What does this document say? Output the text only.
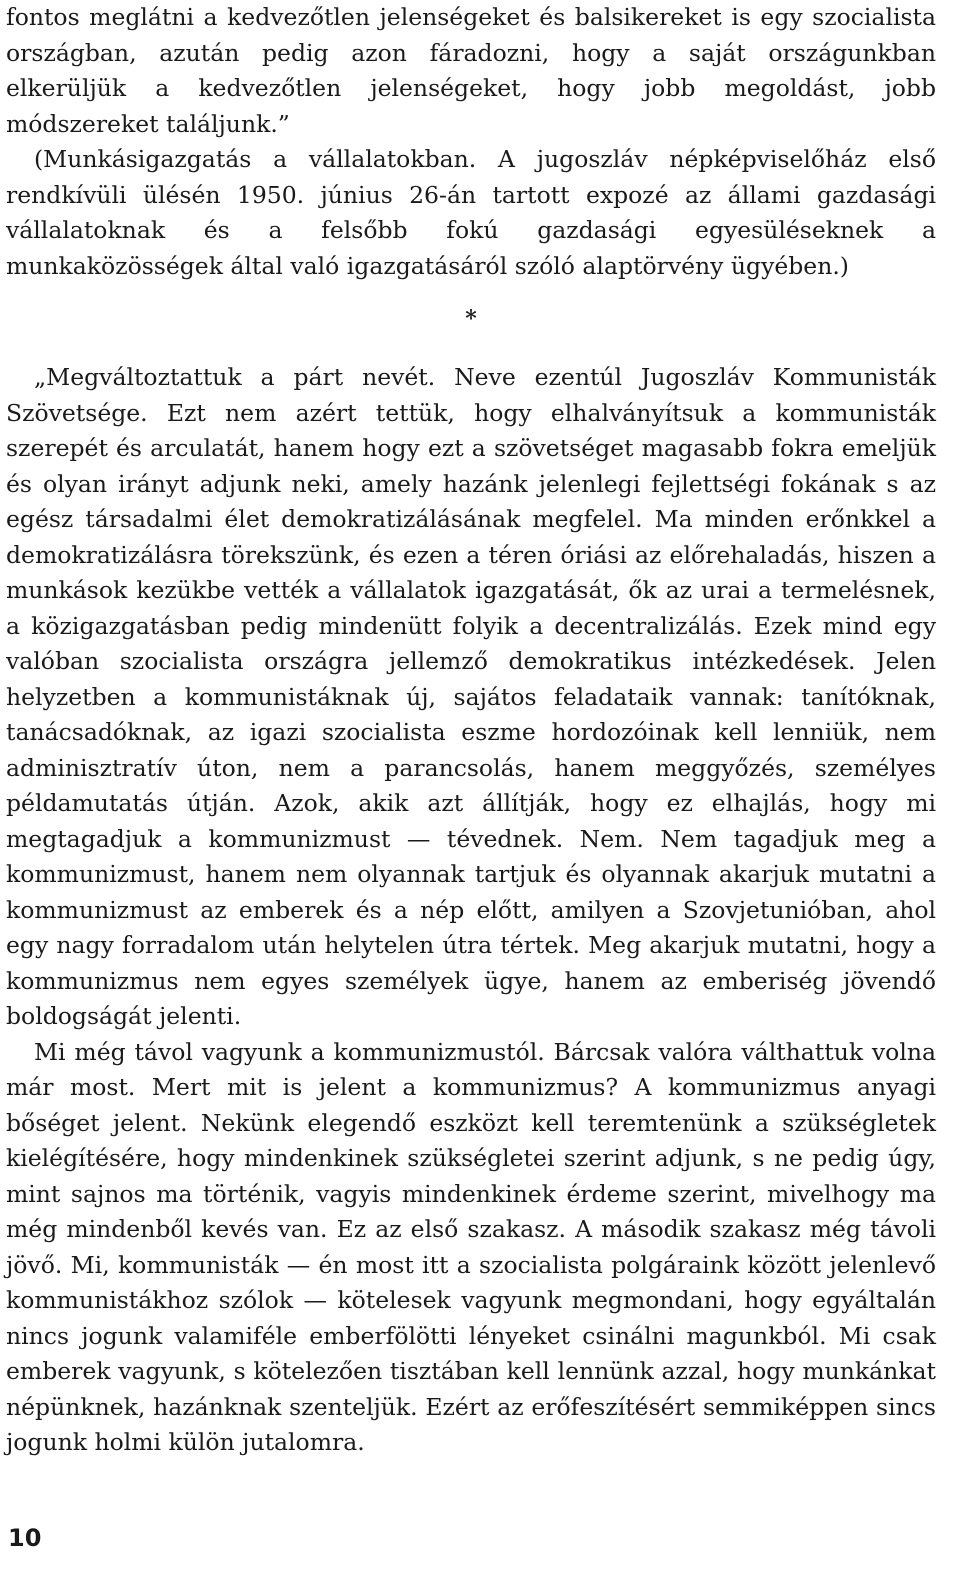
fontos meglátni a kedvezőtlen jelenségeket és balsikereket is egy szocialista országban, azután pedig azon fáradozni, hogy a saját országunkban elkerüljük a kedvezőtlen jelenségeket, hogy jobb megoldást, jobb módszereket találjunk.”

(Munkásigazgatás a vállalatokban. A jugoszláv népképviselőház első rendkívüli ülésén 1950. június 26-án tartott expozé az állami gazdasági vállalatoknak és a felsőbb fokú gazdasági egyesüléseknek a munkaközösségek által való igazgatásáról szóló alaptörvény ügyében.)

*

„Megváltoztattuk a párt nevét. Neve ezentúl Jugoszláv Kommunisták Szövetsége. Ezt nem azért tettük, hogy elhalványítsuk a kommunisták szerepét és arculatát, hanem hogy ezt a szövetséget magasabb fokra emeljük és olyan irányt adjunk neki, amely hazánk jelenlegi fejlettségi fokának s az egész társadalmi élet demokratizálásának megfelel. Ma minden erőnkkel a demokratizálásra törekszünk, és ezen a téren óriási az előrehaladás, hiszen a munkások kezükbe vették a vállalatok igazgatását, ők az urai a termelésnek, a közigazgatásban pedig mindenütt folyik a decentralizálás. Ezek mind egy valóban szocialista országra jellemző demokratikus intézkedések. Jelen helyzetben a kommunistáknak új, sajátos feladataik vannak: tanítóknak, tanácsadóknak, az igazi szocialista eszme hordozóinak kell lenniük, nem adminisztratív úton, nem a parancsolás, hanem meggyőzés, személyes példamutatás útján. Azok, akik azt állítják, hogy ez elhajlás, hogy mi megtagadjuk a kommunizmust — tévednek. Nem. Nem tagadjuk meg a kommunizmust, hanem nem olyannak tartjuk és olyannak akarjuk mutatni a kommunizmust az emberek és a nép előtt, amilyen a Szovjetunióban, ahol egy nagy forradalom után helytelen útra tértek. Meg akarjuk mutatni, hogy a kommunizmus nem egyes személyek ügye, hanem az emberiség jövendő boldogságát jelenti.

Mi még távol vagyunk a kommunizmustól. Bárcsak valóra válthattuk volna már most. Mert mit is jelent a kommunizmus? A kommunizmus anyagi bőséget jelent. Nekünk elegendő eszközt kell teremtenünk a szükségletek kielégítésére, hogy mindenkinek szükségletei szerint adjunk, s ne pedig úgy, mint sajnos ma történik, vagyis mindenkinek érdeme szerint, mivelhogy ma még mindenből kevés van. Ez az első szakasz. A második szakasz még távoli jövő. Mi, kommunisták — én most itt a szocialista polgáraink között jelenlevő kommunistákhoz szólok — kötelesek vagyunk megmondani, hogy egyáltalán nincs jogunk valamiféle emberfölötti lényeket csinálni magunkból. Mi csak emberek vagyunk, s kötelezően tisztában kell lennünk azzal, hogy munkánkat népünknek, hazánknak szenteljük. Ezért az erőfeszítésért semmiképpen sincs jogunk holmi külön jutalomra.

10
